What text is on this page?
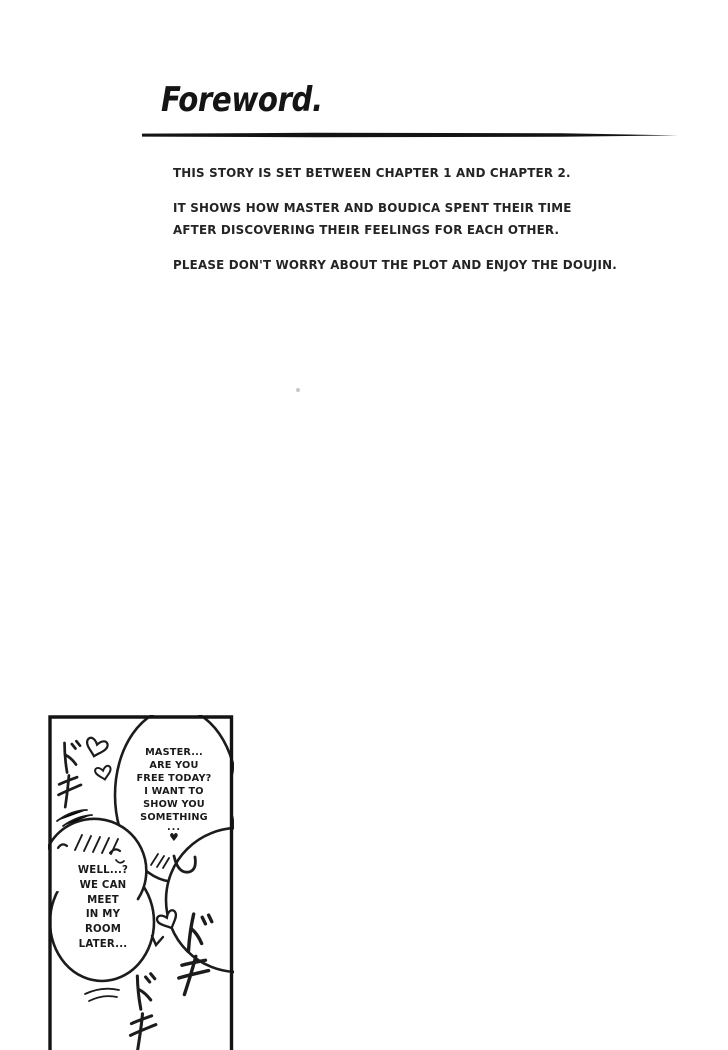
Foreword.
THIS STORY IS SET BETWEEN CHAPTER 1 AND CHAPTER 2.
IT SHOWS HOW MASTER AND BOUDICA SPENT THEIR TIME
AFTER DISCOVERING THEIR FEELINGS FOR EACH OTHER.
PLEASE DON'T WORRY ABOUT THE PLOT AND ENJOY THE DOUJIN.
MASTER...
ARE YOU
FREE TODAY?
I WANT TO
SHOW YOU
SOMETHING
...
♥
WELL...?
WE CAN
MEET
IN MY
ROOM
LATER...
